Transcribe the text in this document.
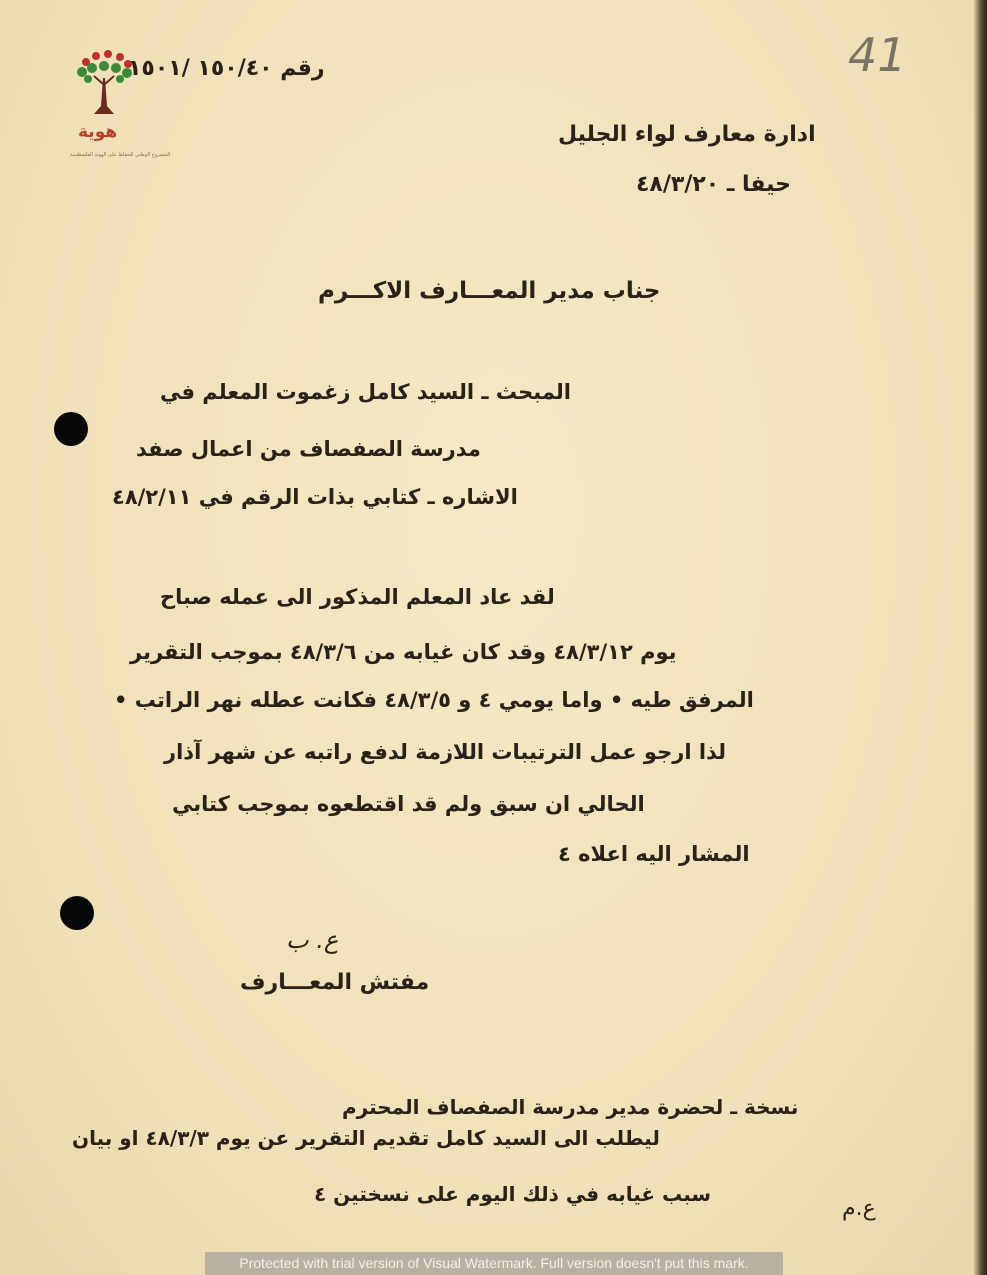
هوية
المشروع الوطني للحفاظ على الهوية الفلسطينية
41
رقم ١٥٠/٤٠ /١٥٠١
ادارة معارف لواء الجليل
حيفا ـ ٤٨/٣/٢٠
جناب مدير المعـــارف الاكـــرم
المبحث ـ السيد كامل زغموت المعلم في
مدرسة الصفصاف من اعمال صفد
الاشاره ـ كتابي بذات الرقم في ٤٨/٢/١١
لقد عاد المعلم المذكور الى عمله صباح
يوم ٤٨/٣/١٢ وقد كان غيابه من ٤٨/٣/٦ بموجب التقرير
المرفق طيه • واما يومي ٤ و ٤٨/٣/٥ فكانت عطله نهر الراتب •
لذا ارجو عمل الترتيبات اللازمة لدفع راتبه عن شهر آذار
الحالي ان سبق ولم قد اقتطعوه بموجب كتابي
المشار اليه اعلاه ٤
ع. ب
مفتش المعـــارف
نسخة ـ لحضرة مدير مدرسة الصفصاف المحترم
ليطلب الى السيد كامل تقديم التقرير عن يوم ٤٨/٣/٣ او بيان
سبب غيابه في ذلك اليوم على نسختين ٤
ع.م
Protected with trial version of Visual Watermark. Full version doesn't put this mark.
